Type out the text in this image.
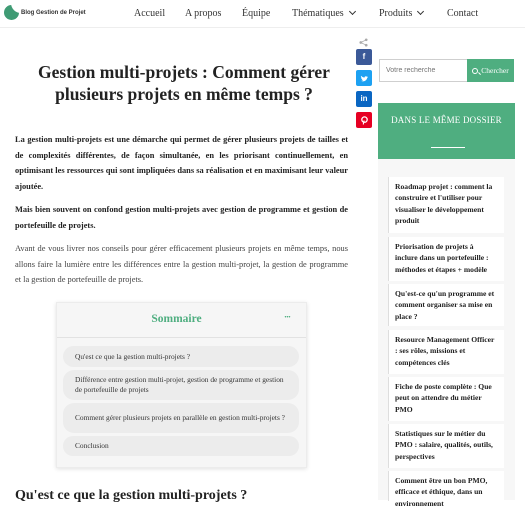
Blog Gestion de Projet	Accueil A propos Équipe Thématiques	Produits	Contact
f
in
Gestion multi-projets : Comment gérer plusieurs projets en même temps ?

La gestion multi-projets est une démarche qui permet de gérer plusieurs projets de tailles et de complexités différentes, de façon simultanée, en les priorisant continuellement, en optimisant les ressources qui sont impliquées dans sa réalisation et en maximisant leur valeur ajoutée.

Mais bien souvent on confond gestion multi-projets avec gestion de programme et gestion de portefeuille de projets.

Avant de vous livrer nos conseils pour gérer efficacement plusieurs projets en même temps, nous allons faire la lumière entre les différences entre la gestion multi-projet, la gestion de programme et la gestion de portefeuille de projets.

Sommaire	···
Qu'est ce que la gestion multi-projets ?
Différence entre gestion multi-projet, gestion de programme et gestion de portefeuille de projets
Comment gérer plusieurs projets en parallèle en gestion multi-projets ?
Conclusion
Qu'est ce que la gestion multi-projets ?
Votre recherche
Chercher
DANS LE MÊME DOSSIER
Roadmap projet : comment la construire et l'utiliser pour visualiser le développement produit
Priorisation de projets à inclure dans un portefeuille : méthodes et étapes + modèle
Qu'est-ce qu'un programme et comment organiser sa mise en place ?
Resource Management Officer : ses rôles, missions et compétences clés
Fiche de poste complète : Que peut on attendre du métier PMO
Statistiques sur le métier du PMO : salaire, qualités, outils, perspectives
Comment être un bon PMO, efficace et éthique, dans un environnement
